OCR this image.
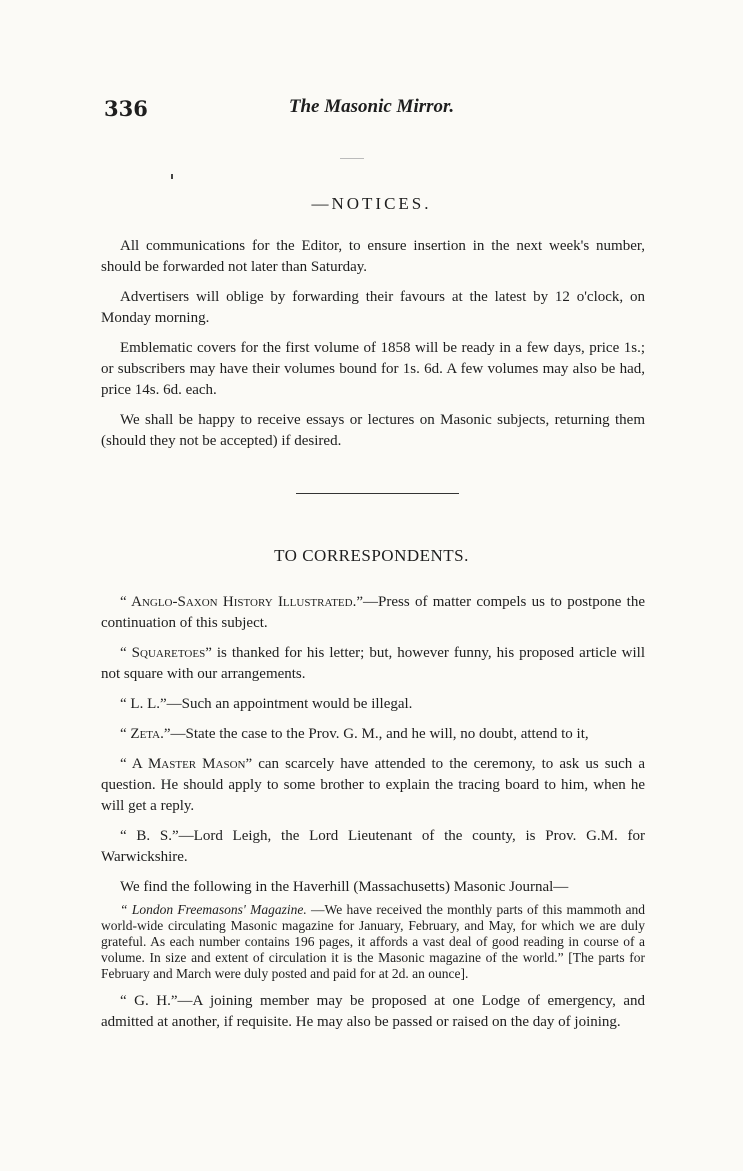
336	The Masonic Mirror.
—NOTICES.

All communications for the Editor, to ensure insertion in the next week's number, should be forwarded not later than Saturday.

Advertisers will oblige by forwarding their favours at the latest by 12 o'clock, on Monday morning.

Emblematic covers for the first volume of 1858 will be ready in a few days, price 1s.; or subscribers may have their volumes bound for 1s. 6d. A few volumes may also be had, price 14s. 6d. each.

We shall be happy to receive essays or lectures on Masonic subjects, returning them (should they not be accepted) if desired.

TO CORRESPONDENTS.

“ Anglo-Saxon History Illustrated.”—Press of matter compels us to postpone the continuation of this subject.

“ Squaretoes” is thanked for his letter; but, however funny, his proposed article will not square with our arrangements.

“ L. L.”—Such an appointment would be illegal.

“ Zeta.”—State the case to the Prov. G. M., and he will, no doubt, attend to it,

“ A Master Mason” can scarcely have attended to the ceremony, to ask us such a question. He should apply to some brother to explain the tracing board to him, when he will get a reply.

“ B. S.”—Lord Leigh, the Lord Lieutenant of the county, is Prov. G.M. for Warwickshire.

We find the following in the Haverhill (Massachusetts) Masonic Journal—

“ London Freemasons' Magazine. —We have received the monthly parts of this mammoth and world-wide circulating Masonic magazine for January, February, and May, for which we are duly grateful. As each number contains 196 pages, it affords a vast deal of good reading in course of a volume. In size and extent of circulation it is the Masonic magazine of the world.” [The parts for February and March were duly posted and paid for at 2d. an ounce].

“ G. H.”—A joining member may be proposed at one Lodge of emergency, and admitted at another, if requisite. He may also be passed or raised on the day of joining.
